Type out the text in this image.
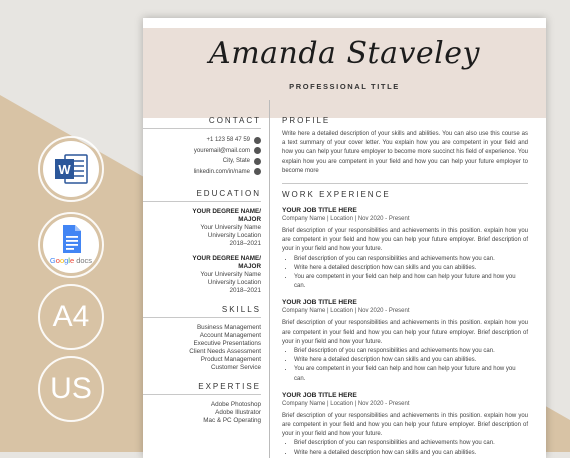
W
Google docs
A4
US
Amanda Staveley
PROFESSIONAL TITLE
CONTACT
+1 123 58 47 59
youremail@mail.com
City, State
linkedin.com/in/name
EDUCATION
YOUR DEGREE NAME/
MAJOR
Your University Name
University Location
2018–2021
YOUR DEGREE NAME/
MAJOR
Your University Name
University Location
2018–2021
SKILLS
Business Management
Account Management
Executive Presentations
Client Needs Assessment
Product Management
Customer Service
EXPERTISE
Adobe Photoshop
Adobe Illustrator
Mac & PC Operating
PROFILE
Write here a detailed description of your skills and abilities. You can also use this course as a text summary of your cover letter. You explain how you are competent in your field and how you can help your future employer to become more succinct his field of experience. You explain how you are competent in your field and how you can help your future employer to become more
WORK EXPERIENCE
YOUR JOB TITLE HERE
Company Name | Location | Nov 2020 - Present
Brief description of your responsibilities and achievements in this position. explain how you are competent in your field and how you can help your future employer. Brief description of your in your field and how your future.
• Brief description of you can responsibilities and achievements how you can.
• Write here a detailed description how can skills and you can abilities.
• You are competent in your field can help and how can help your future and how you can.
YOUR JOB TITLE HERE
Company Name | Location | Nov 2020 - Present
Brief description of your responsibilities and achievements in this position. explain how you are competent in your field and how you can help your future employer. Brief description of your in your field and how your future.
• Brief description of you can responsibilities and achievements how you can.
• Write here a detailed description how can skills and you can abilities.
• You are competent in your field can help and how can help your future and how you can.
YOUR JOB TITLE HERE
Company Name | Location | Nov 2020 - Present
Brief description of your responsibilities and achievements in this position. explain how you are competent in your field and how you can help your future employer. Brief description of your in your field and how your future.
• Brief description of you can responsibilities and achievements how you can.
• Write here a detailed description how can skills and you can abilities.
